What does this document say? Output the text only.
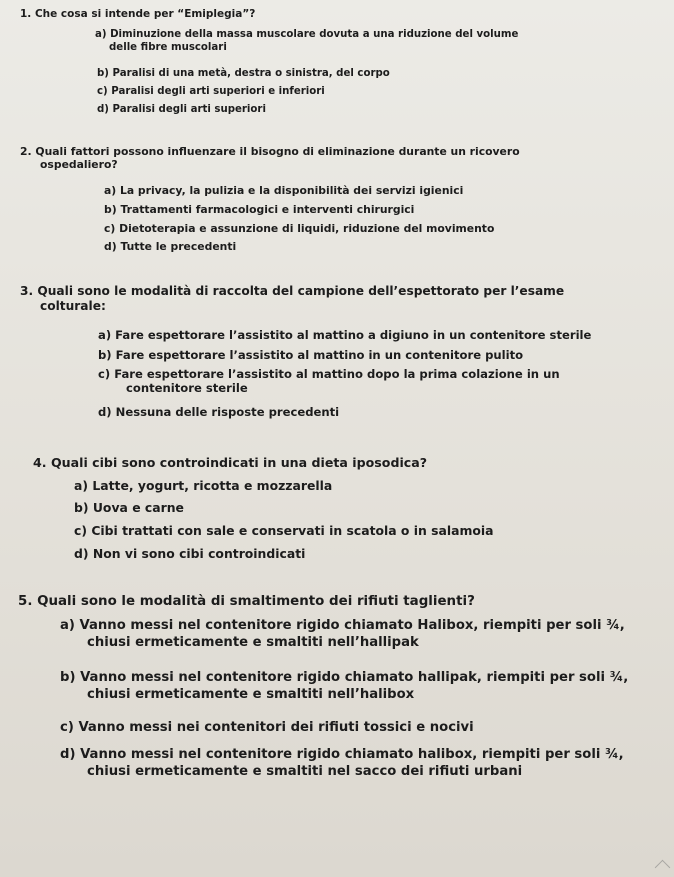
1. Che cosa si intende per “Emiplegia”?
a) Diminuzione della massa muscolare dovuta a una riduzione del volume
delle fibre muscolari
b) Paralisi di una metà, destra o sinistra, del corpo
c) Paralisi degli arti superiori e inferiori
d) Paralisi degli arti superiori
2. Quali fattori possono influenzare il bisogno di eliminazione durante un ricovero
ospedaliero?
a) La privacy, la pulizia e la disponibilità dei servizi igienici
b) Trattamenti farmacologici e interventi chirurgici
c) Dietoterapia e assunzione di liquidi, riduzione del movimento
d) Tutte le precedenti
3. Quali sono le modalità di raccolta del campione dell’espettorato per l’esame
colturale:
a) Fare espettorare l’assistito al mattino a digiuno in un contenitore sterile
b) Fare espettorare l’assistito al mattino in un contenitore pulito
c) Fare espettorare l’assistito al mattino dopo la prima colazione in un
contenitore sterile
d) Nessuna delle risposte precedenti
4. Quali cibi sono controindicati in una dieta iposodica?
a) Latte, yogurt, ricotta e mozzarella
b) Uova e carne
c) Cibi trattati con sale e conservati in scatola o in salamoia
d) Non vi sono cibi controindicati
5. Quali sono le modalità di smaltimento dei rifiuti taglienti?
a) Vanno messi nel contenitore rigido chiamato Halibox, riempiti per soli ¾,
chiusi ermeticamente e smaltiti nell’hallipak
b) Vanno messi nel contenitore rigido chiamato hallipak, riempiti per soli ¾,
chiusi ermeticamente e smaltiti nell’halibox
c) Vanno messi nei contenitori dei rifiuti tossici e nocivi
d) Vanno messi nel contenitore rigido chiamato halibox, riempiti per soli ¾,
chiusi ermeticamente e smaltiti nel sacco dei rifiuti urbani
